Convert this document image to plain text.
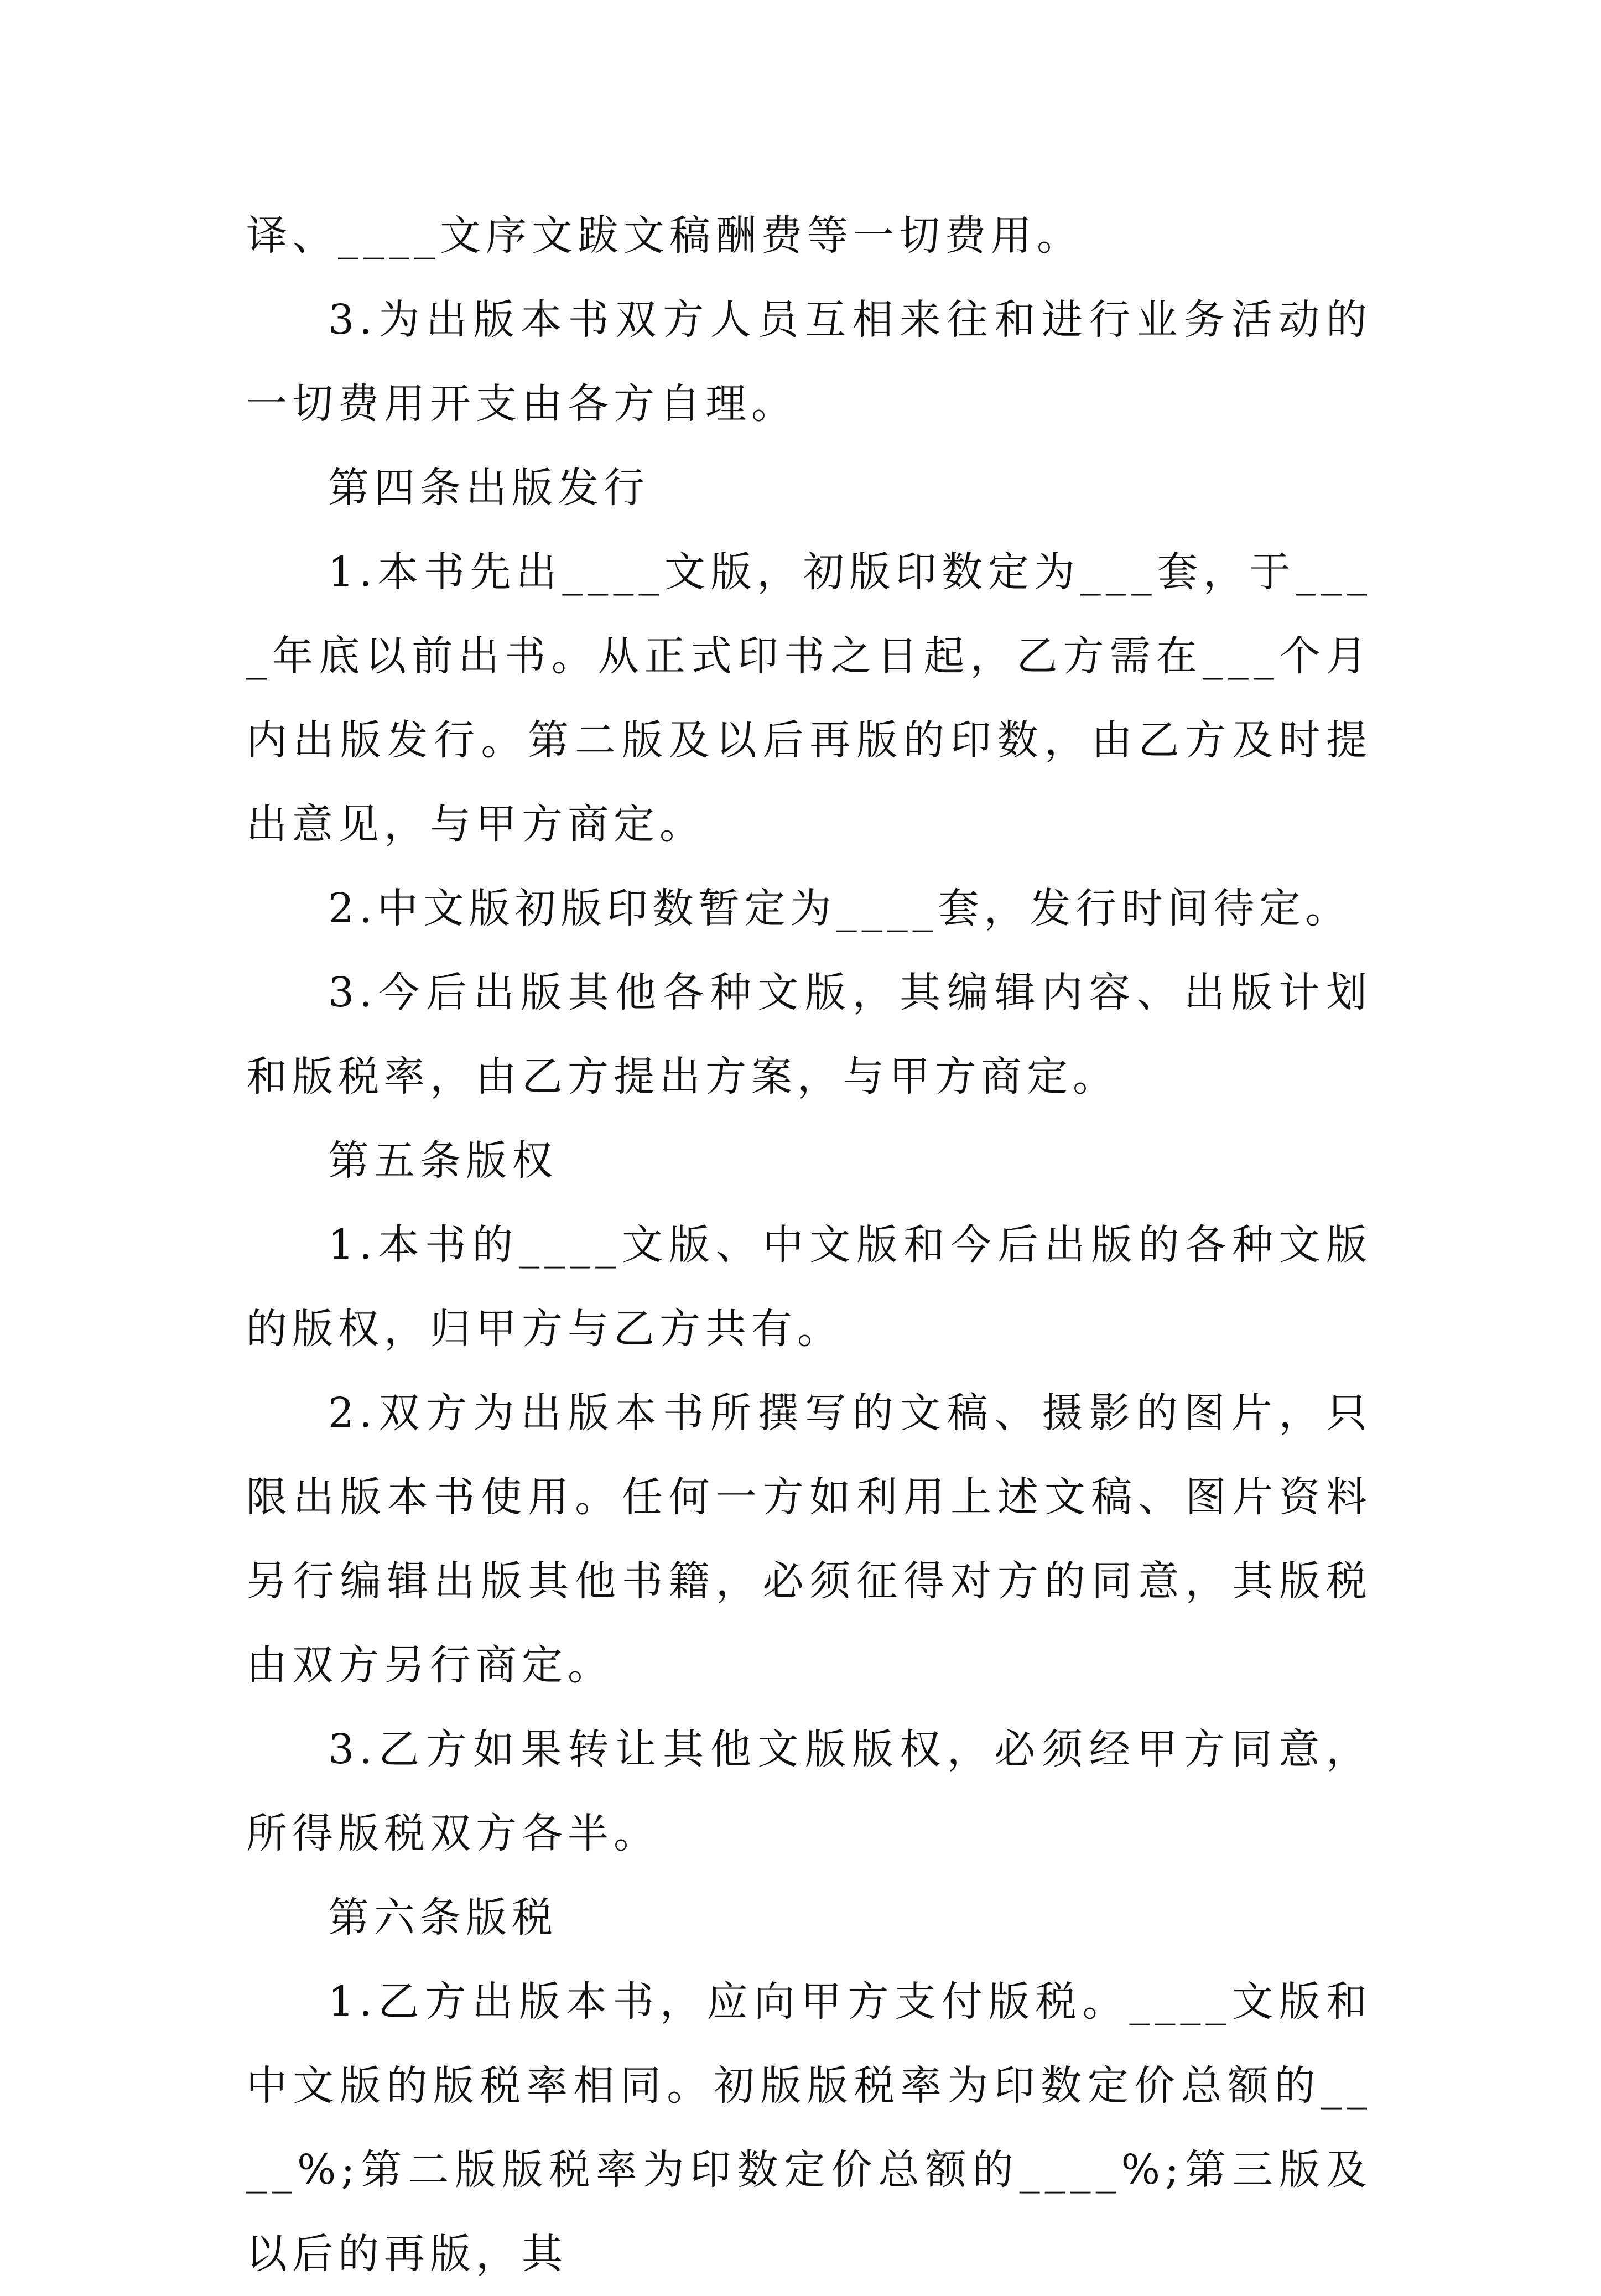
译、____文序文跋文稿酬费等一切费用。

3.为出版本书双方人员互相来往和进行业务活动的一切费用开支由各方自理。

第四条出版发行

1.本书先出____文版，初版印数定为___套，于____年底以前出书。从正式印书之日起，乙方需在___个月内出版发行。第二版及以后再版的印数，由乙方及时提出意见，与甲方商定。

2.中文版初版印数暂定为____套，发行时间待定。

3.今后出版其他各种文版，其编辑内容、出版计划和版税率，由乙方提出方案，与甲方商定。

第五条版权

1.本书的____文版、中文版和今后出版的各种文版的版权，归甲方与乙方共有。

2.双方为出版本书所撰写的文稿、摄影的图片，只限出版本书使用。任何一方如利用上述文稿、图片资料另行编辑出版其他书籍，必须征得对方的同意，其版税由双方另行商定。

3.乙方如果转让其他文版版权，必须经甲方同意，所得版税双方各半。

第六条版税

1.乙方出版本书，应向甲方支付版税。____文版和中文版的版税率相同。初版版税率为印数定价总额的____%;第二版版税率为印数定价总额的____%;第三版及以后的再版，其
